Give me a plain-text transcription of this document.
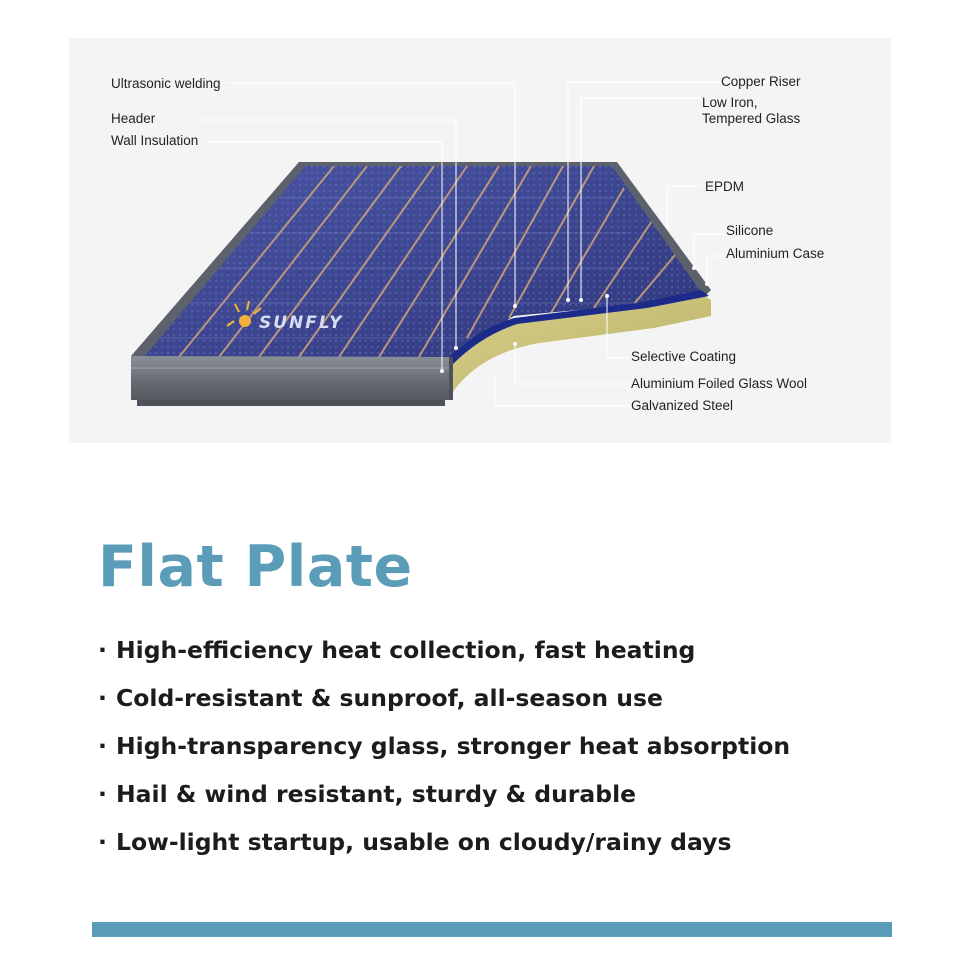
SUNFLY
Ultrasonic welding
Header
Wall Insulation
Copper Riser
Low Iron,
Tempered Glass
EPDM
Silicone
Aluminium Case
Selective Coating
Aluminium Foiled Glass Wool
Galvanized Steel
Flat Plate
· High-efficiency heat collection, fast heating
· Cold-resistant & sunproof, all-season use
· High-transparency glass, stronger heat absorption
· Hail & wind resistant, sturdy & durable
· Low-light startup, usable on cloudy/rainy days
